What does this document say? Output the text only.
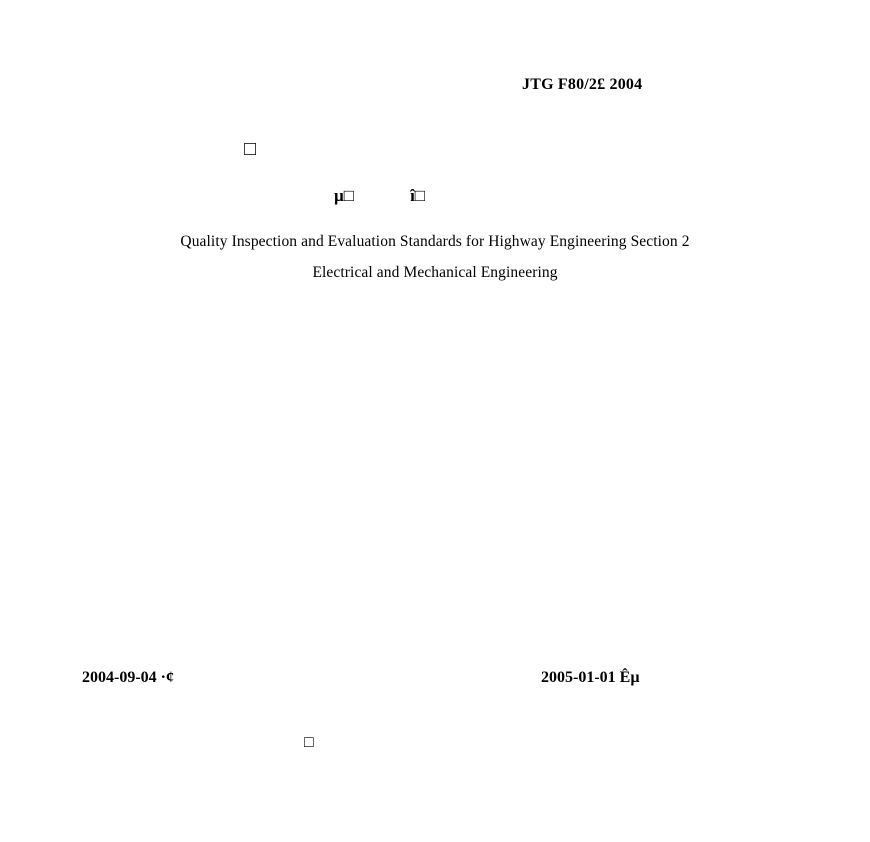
JTG F80/2£ 2004
□
µ□	î□
Quality Inspection and Evaluation Standards for Highway Engineering Section 2
Electrical and Mechanical Engineering
2004-09-04 ·¢	2005-01-01 Êµ
□
